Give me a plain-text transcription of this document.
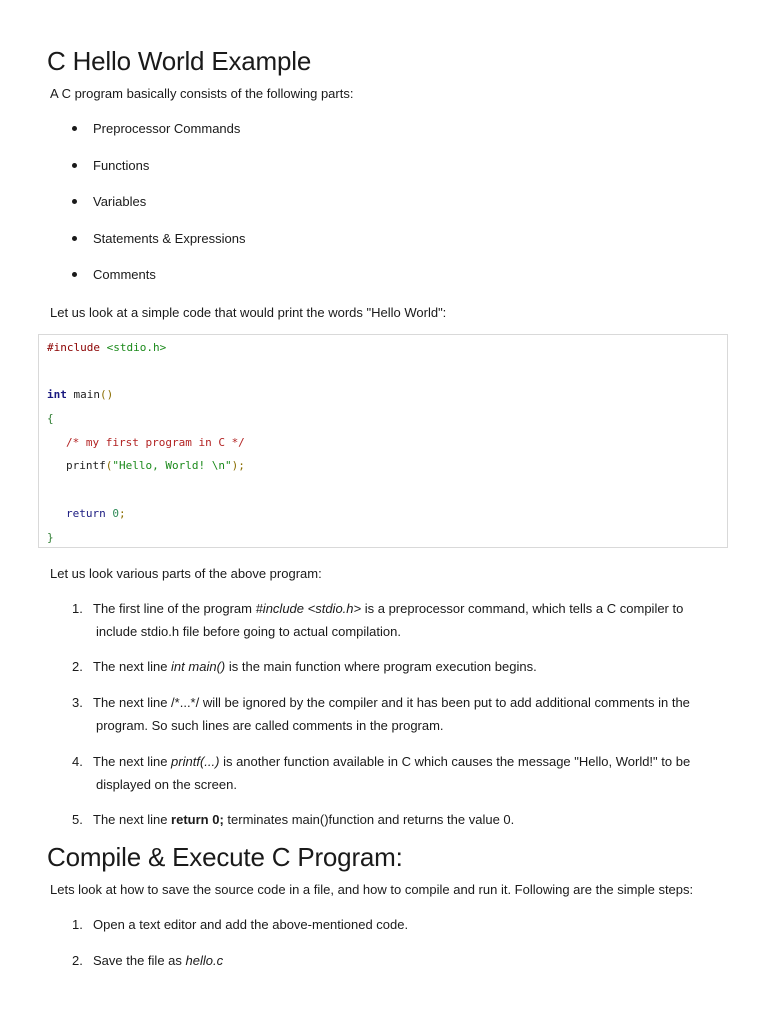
C Hello World Example

A C program basically consists of the following parts:

Preprocessor Commands
Functions
Variables
Statements & Expressions
Comments

Let us look at a simple code that would print the words "Hello World":

#include <stdio.h>
int main()
{
/* my first program in C */
printf("Hello, World! \n");
return 0;
}

Let us look various parts of the above program:

1. The first line of the program #include <stdio.h> is a preprocessor command, which tells a C compiler to
include stdio.h file before going to actual compilation.
2. The next line int main() is the main function where program execution begins.
3. The next line /*...*/ will be ignored by the compiler and it has been put to add additional comments in the
program. So such lines are called comments in the program.
4. The next line printf(...) is another function available in C which causes the message "Hello, World!" to be
displayed on the screen.
5. The next line return 0; terminates main()function and returns the value 0.
Compile & Execute C Program:

Lets look at how to save the source code in a file, and how to compile and run it. Following are the simple steps:

1. Open a text editor and add the above-mentioned code.
2. Save the file as hello.c
